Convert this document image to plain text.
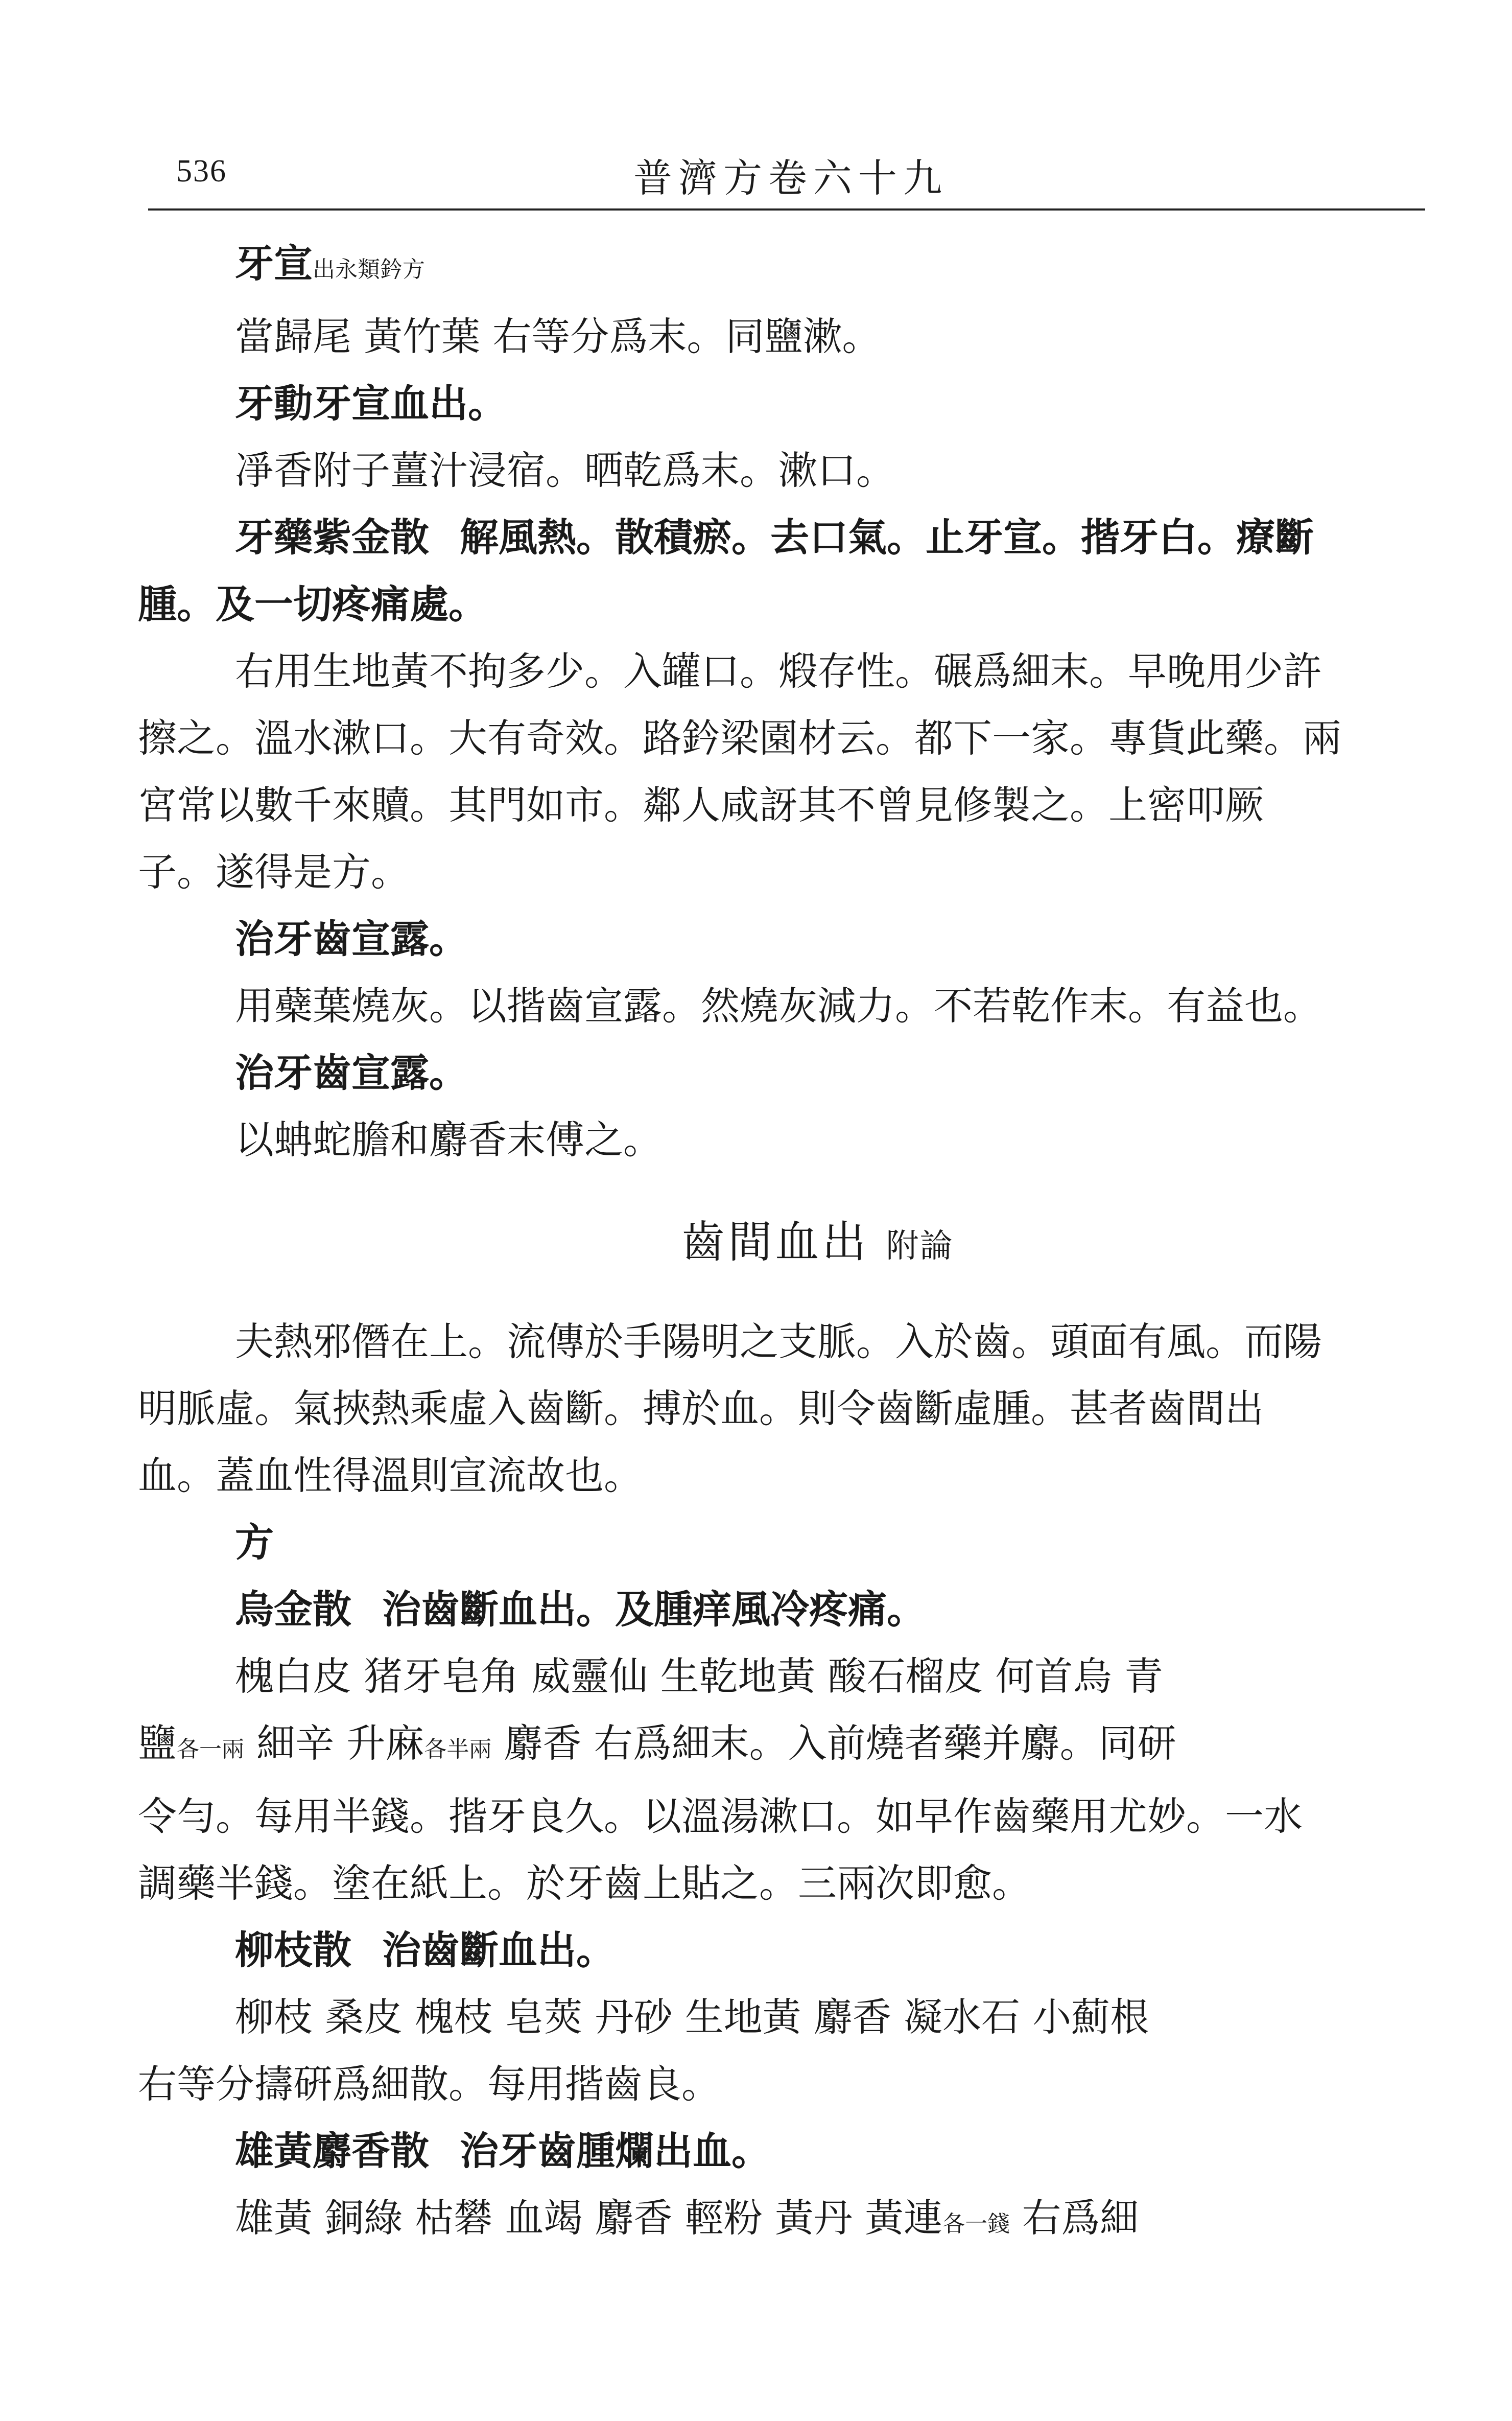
536	普濟方卷六十九

牙宣出永類鈐方

當歸尾 黃竹葉 右等分爲末。同鹽漱。

牙動牙宣血出。

凈香附子薑汁浸宿。晒乾爲末。漱口。

牙藥紫金散 解風熱。散積瘀。去口氣。止牙宣。揩牙白。療斷

腫。及一切疼痛處。

右用生地黃不拘多少。入罐口。煅存性。碾爲細末。早晚用少許

擦之。溫水漱口。大有奇效。路鈐梁園材云。都下一家。專貨此藥。兩

宮常以數千來贖。其門如市。鄰人咸訝其不曾見修製之。上密叩厥

子。遂得是方。

治牙齒宣露。

用蘗葉燒灰。以揩齒宣露。然燒灰減力。不若乾作末。有益也。

治牙齒宣露。

以蚺蛇膽和麝香末傅之。

齒間血出 附論

夫熱邪僭在上。流傳於手陽明之支脈。入於齒。頭面有風。而陽

明脈虛。氣挾熱乘虛入齒斷。搏於血。則令齒斷虛腫。甚者齒間出

血。蓋血性得溫則宣流故也。

方

烏金散 治齒斷血出。及腫痒風冷疼痛。

槐白皮 猪牙皂角 威靈仙 生乾地黃 酸石榴皮 何首烏 青

鹽各一兩 細辛 升麻各半兩 麝香 右爲細末。入前燒者藥并麝。同研

令勻。每用半錢。揩牙良久。以溫湯漱口。如早作齒藥用尤妙。一水

調藥半錢。塗在紙上。於牙齒上貼之。三兩次即愈。

柳枝散 治齒斷血出。

柳枝 桑皮 槐枝 皂莢 丹砂 生地黃 麝香 凝水石 小薊根

右等分擣硏爲細散。每用揩齒良。

雄黃麝香散 治牙齒腫爛出血。

雄黃 銅綠 枯礬 血竭 麝香 輕粉 黃丹 黃連各一錢 右爲細
